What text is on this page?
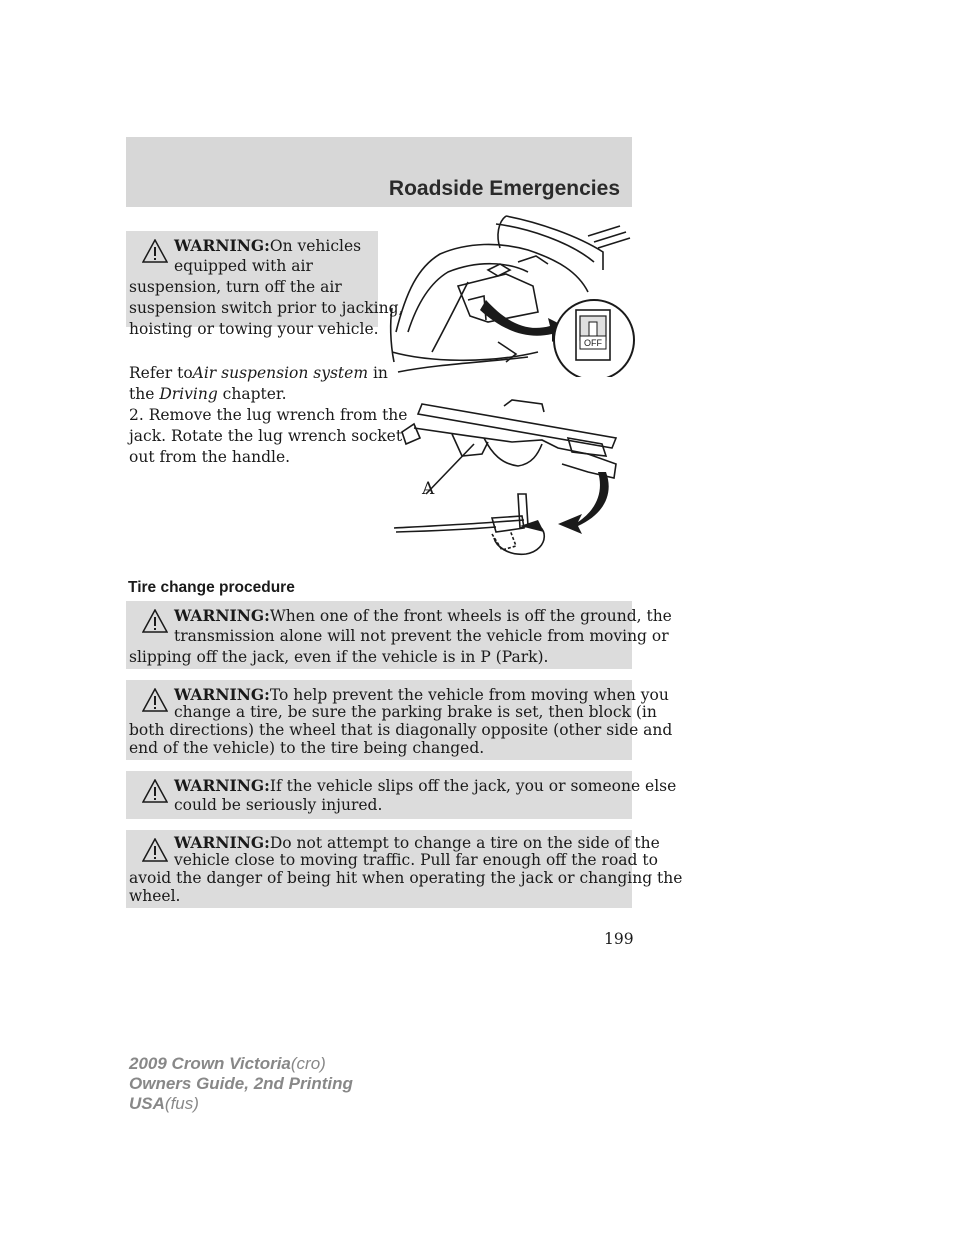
Roadside Emergencies
WARNING:On vehicles
equipped with air
suspension, turn off the air
suspension switch prior to jacking,
hoisting or towing your vehicle.
Refer toAir suspension system in
the Driving chapter.
2. Remove the lug wrench from the
jack. Rotate the lug wrench socket
out from the handle.
OFF
A
Tire change procedure
WARNING:When one of the front wheels is off the ground, the
transmission alone will not prevent the vehicle from moving or
slipping off the jack, even if the vehicle is in P (Park).
WARNING:To help prevent the vehicle from moving when you
change a tire, be sure the parking brake is set, then block (in
both directions) the wheel that is diagonally opposite (other side and
end of the vehicle) to the tire being changed.
WARNING:If the vehicle slips off the jack, you or someone else
could be seriously injured.
WARNING:Do not attempt to change a tire on the side of the
vehicle close to moving traffic. Pull far enough off the road to
avoid the danger of being hit when operating the jack or changing the
wheel.
199
2009 Crown Victoria(cro)
Owners Guide, 2nd Printing
USA(fus)
